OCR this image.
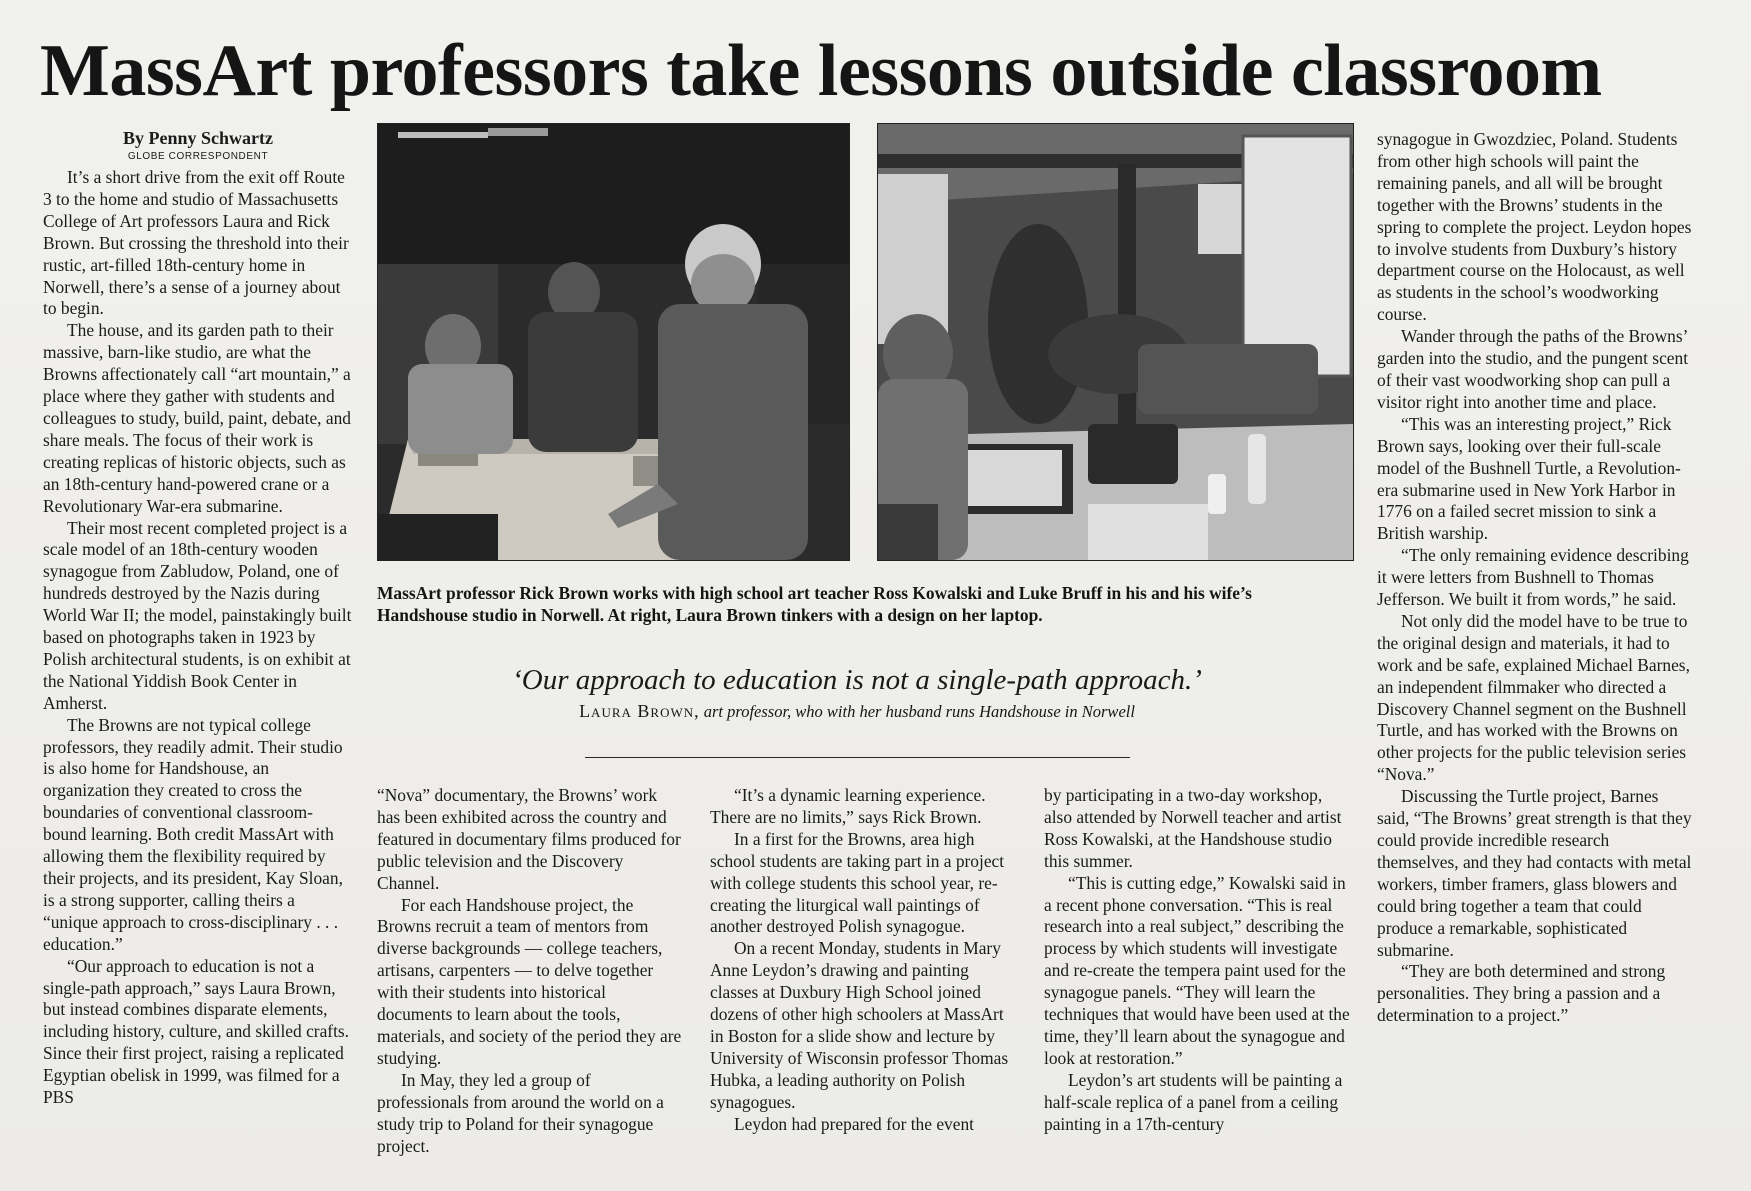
MassArt professors take lessons outside classroom
By Penny Schwartz
GLOBE CORRESPONDENT

It’s a short drive from the exit off Route 3 to the home and studio of Massachusetts College of Art professors Laura and Rick Brown. But crossing the threshold into their rustic, art-filled 18th-century home in Norwell, there’s a sense of a journey about to begin.

The house, and its garden path to their massive, barn-like studio, are what the Browns affectionately call “art mountain,” a place where they gather with students and colleagues to study, build, paint, debate, and share meals. The focus of their work is creating replicas of historic objects, such as an 18th-century hand-powered crane or a Revolutionary War-era submarine.

Their most recent completed project is a scale model of an 18th-century wooden synagogue from Zabludow, Poland, one of hundreds destroyed by the Nazis during World War II; the model, painstakingly built based on photographs taken in 1923 by Polish architectural students, is on exhibit at the National Yiddish Book Center in Amherst.

The Browns are not typical college professors, they readily admit. Their studio is also home for Handshouse, an organization they created to cross the boundaries of conventional classroom-bound learning. Both credit MassArt with allowing them the flexibility required by their projects, and its president, Kay Sloan, is a strong supporter, calling theirs a “unique approach to cross-disciplinary . . . education.”

“Our approach to education is not a single-path approach,” says Laura Brown, but instead combines disparate elements, including history, culture, and skilled crafts. Since their first project, raising a replicated Egyptian obelisk in 1999, was filmed for a PBS

MassArt professor Rick Brown works with high school art teacher Ross Kowalski and Luke Bruff in his and his wife’s Handshouse studio in Norwell. At right, Laura Brown tinkers with a design on her laptop.

‘Our approach to education is not a single-path approach.’
Laura Brown, art professor, who with her husband runs Handshouse in Norwell

“Nova” documentary, the Browns’ work has been exhibited across the country and featured in documentary films produced for public television and the Discovery Channel.

For each Handshouse project, the Browns recruit a team of mentors from diverse backgrounds — college teachers, artisans, carpenters — to delve together with their students into historical documents to learn about the tools, materials, and society of the period they are studying.

In May, they led a group of professionals from around the world on a study trip to Poland for their synagogue project.

“It’s a dynamic learning experience. There are no limits,” says Rick Brown.

In a first for the Browns, area high school students are taking part in a project with college students this school year, re-creating the liturgical wall paintings of another destroyed Polish synagogue.

On a recent Monday, students in Mary Anne Leydon’s drawing and painting classes at Duxbury High School joined dozens of other high schoolers at MassArt in Boston for a slide show and lecture by University of Wisconsin professor Thomas Hubka, a leading authority on Polish synagogues.

Leydon had prepared for the event

by participating in a two-day workshop, also attended by Norwell teacher and artist Ross Kowalski, at the Handshouse studio this summer.

“This is cutting edge,” Kowalski said in a recent phone conversation. “This is real research into a real subject,” describing the process by which students will investigate and re-create the tempera paint used for the synagogue panels. “They will learn the techniques that would have been used at the time, they’ll learn about the synagogue and look at restoration.”

Leydon’s art students will be painting a half-scale replica of a panel from a ceiling painting in a 17th-century

synagogue in Gwozdziec, Poland. Students from other high schools will paint the remaining panels, and all will be brought together with the Browns’ students in the spring to complete the project. Leydon hopes to involve students from Duxbury’s history department course on the Holocaust, as well as students in the school’s woodworking course.

Wander through the paths of the Browns’ garden into the studio, and the pungent scent of their vast woodworking shop can pull a visitor right into another time and place.

“This was an interesting project,” Rick Brown says, looking over their full-scale model of the Bushnell Turtle, a Revolution-era submarine used in New York Harbor in 1776 on a failed secret mission to sink a British warship.

“The only remaining evidence describing it were letters from Bushnell to Thomas Jefferson. We built it from words,” he said.

Not only did the model have to be true to the original design and materials, it had to work and be safe, explained Michael Barnes, an independent filmmaker who directed a Discovery Channel segment on the Bushnell Turtle, and has worked with the Browns on other projects for the public television series “Nova.”

Discussing the Turtle project, Barnes said, “The Browns’ great strength is that they could provide incredible research themselves, and they had contacts with metal workers, timber framers, glass blowers and could bring together a team that could produce a remarkable, sophisticated submarine.

“They are both determined and strong personalities. They bring a passion and a determination to a project.”
